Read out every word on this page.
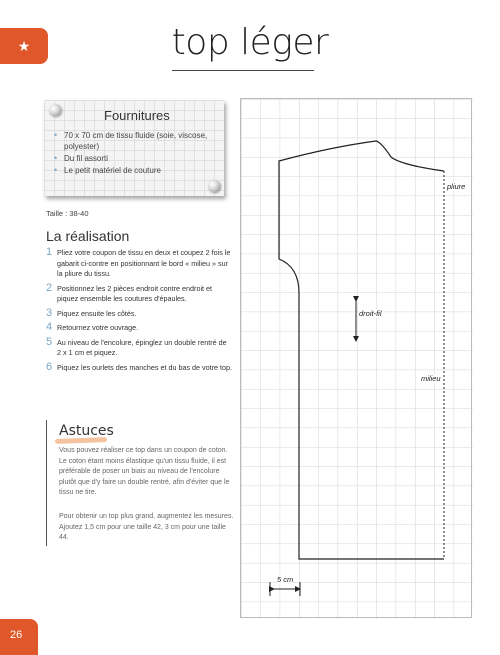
★	top léger
Fournitures
• 70 x 70 cm de tissu fluide (soie, viscose, polyester)
• Du fil assorti
• Le petit matériel de couture
Taille : 38-40
La réalisation
1 Pliez votre coupon de tissu en deux et coupez 2 fois le gabarit ci-contre en positionnant le bord « milieu » sur la pliure du tissu.
2 Positionnez les 2 pièces endroit contre endroit et piquez ensemble les coutures d'épaules.
3 Piquez ensuite les côtés.
4 Retournez votre ouvrage.
5 Au niveau de l'encolure, épinglez un double rentré de 2 x 1 cm et piquez.
6 Piquez les ourlets des manches et du bas de votre top.
Astuces

Vous pouvez réaliser ce top dans un coupon de coton. Le coton étant moins élastique qu'un tissu fluide, il est préférable de poser un biais au niveau de l'encolure plutôt que d'y faire un double rentré, afin d'éviter que le tissu ne tire.

Pour obtenir un top plus grand, augmentez les mesures. Ajoutez 1,5 cm pour une taille 42, 3 cm pour une taille 44.

pliure
droit-fil
milieu
5 cm
26
